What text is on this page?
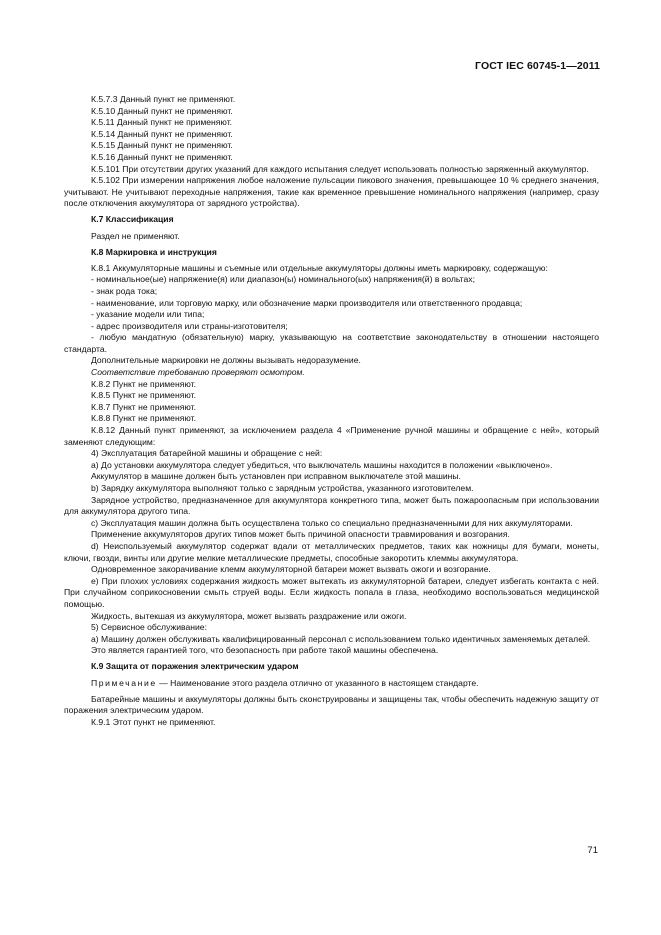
ГОСТ IEC 60745-1—2011

К.5.7.3 Данный пункт не применяют.

К.5.10 Данный пункт не применяют.

К.5.11 Данный пункт не применяют.

К.5.14 Данный пункт не применяют.

К.5.15 Данный пункт не применяют.

К.5.16 Данный пункт не применяют.

К.5.101 При отсутствии других указаний для каждого испытания следует использовать полностью заряженный аккумулятор.

К.5.102 При измерении напряжения любое наложение пульсации пикового значения, превышающее 10 % среднего значения, учитывают. Не учитывают переходные напряжения, такие как временное превышение номинального напряжения (например, сразу после отключения аккумулятора от зарядного устройства).

К.7 Классификация

Раздел не применяют.

К.8 Маркировка и инструкция

К.8.1 Аккумуляторные машины и съемные или отдельные аккумуляторы должны иметь маркировку, содержащую:

- номинальное(ые) напряжение(я) или диапазон(ы) номинального(ых) напряжения(й) в вольтах;

- знак рода тока;

- наименование, или торговую марку, или обозначение марки производителя или ответственного продавца;

- указание модели или типа;

- адрес производителя или страны-изготовителя;

- любую мандатную (обязательную) марку, указывающую на соответствие законодательству в отношении настоящего стандарта.

Дополнительные маркировки не должны вызывать недоразумение.

Соответствие требованию проверяют осмотром.

К.8.2 Пункт не применяют.

К.8.5 Пункт не применяют.

К.8.7 Пункт не применяют.

К.8.8 Пункт не применяют.

К.8.12 Данный пункт применяют, за исключением раздела 4 «Применение ручной машины и обращение с ней», который заменяют следующим:

4) Эксплуатация батарейной машины и обращение с ней:

а) До установки аккумулятора следует убедиться, что выключатель машины находится в положении «выключено».

Аккумулятор в машине должен быть установлен при исправном выключателе этой машины.

b) Зарядку аккумулятора выполняют только с зарядным устройства, указанного изготовителем.

Зарядное устройство, предназначенное для аккумулятора конкретного типа, может быть пожароопасным при использовании для аккумулятора другого типа.

с) Эксплуатация машин должна быть осуществлена только со специально предназначенными для них аккумуляторами.

Применение аккумуляторов других типов может быть причиной опасности травмирования и возгорания.

d) Неиспользуемый аккумулятор содержат вдали от металлических предметов, таких как ножницы для бумаги, монеты, ключи, гвозди, винты или другие мелкие металлические предметы, способные закоротить клеммы аккумулятора.

Одновременное закорачивание клемм аккумуляторной батареи может вызвать ожоги и возгорание.

е) При плохих условиях содержания жидкость может вытекать из аккумуляторной батареи, следует избегать контакта с ней. При случайном соприкосновении смыть струей воды. Если жидкость попала в глаза, необходимо воспользоваться медицинской помощью.

Жидкость, вытекшая из аккумулятора, может вызвать раздражение или ожоги.

5) Сервисное обслуживание:

а) Машину должен обслуживать квалифицированный персонал с использованием только идентичных заменяемых деталей.

Это является гарантией того, что безопасность при работе такой машины обеспечена.

К.9 Защита от поражения электрическим ударом

Примечание — Наименование этого раздела отлично от указанного в настоящем стандарте.

Батарейные машины и аккумуляторы должны быть сконструированы и защищены так, чтобы обеспечить надежную защиту от поражения электрическим ударом.

К.9.1 Этот пункт не применяют.

71
